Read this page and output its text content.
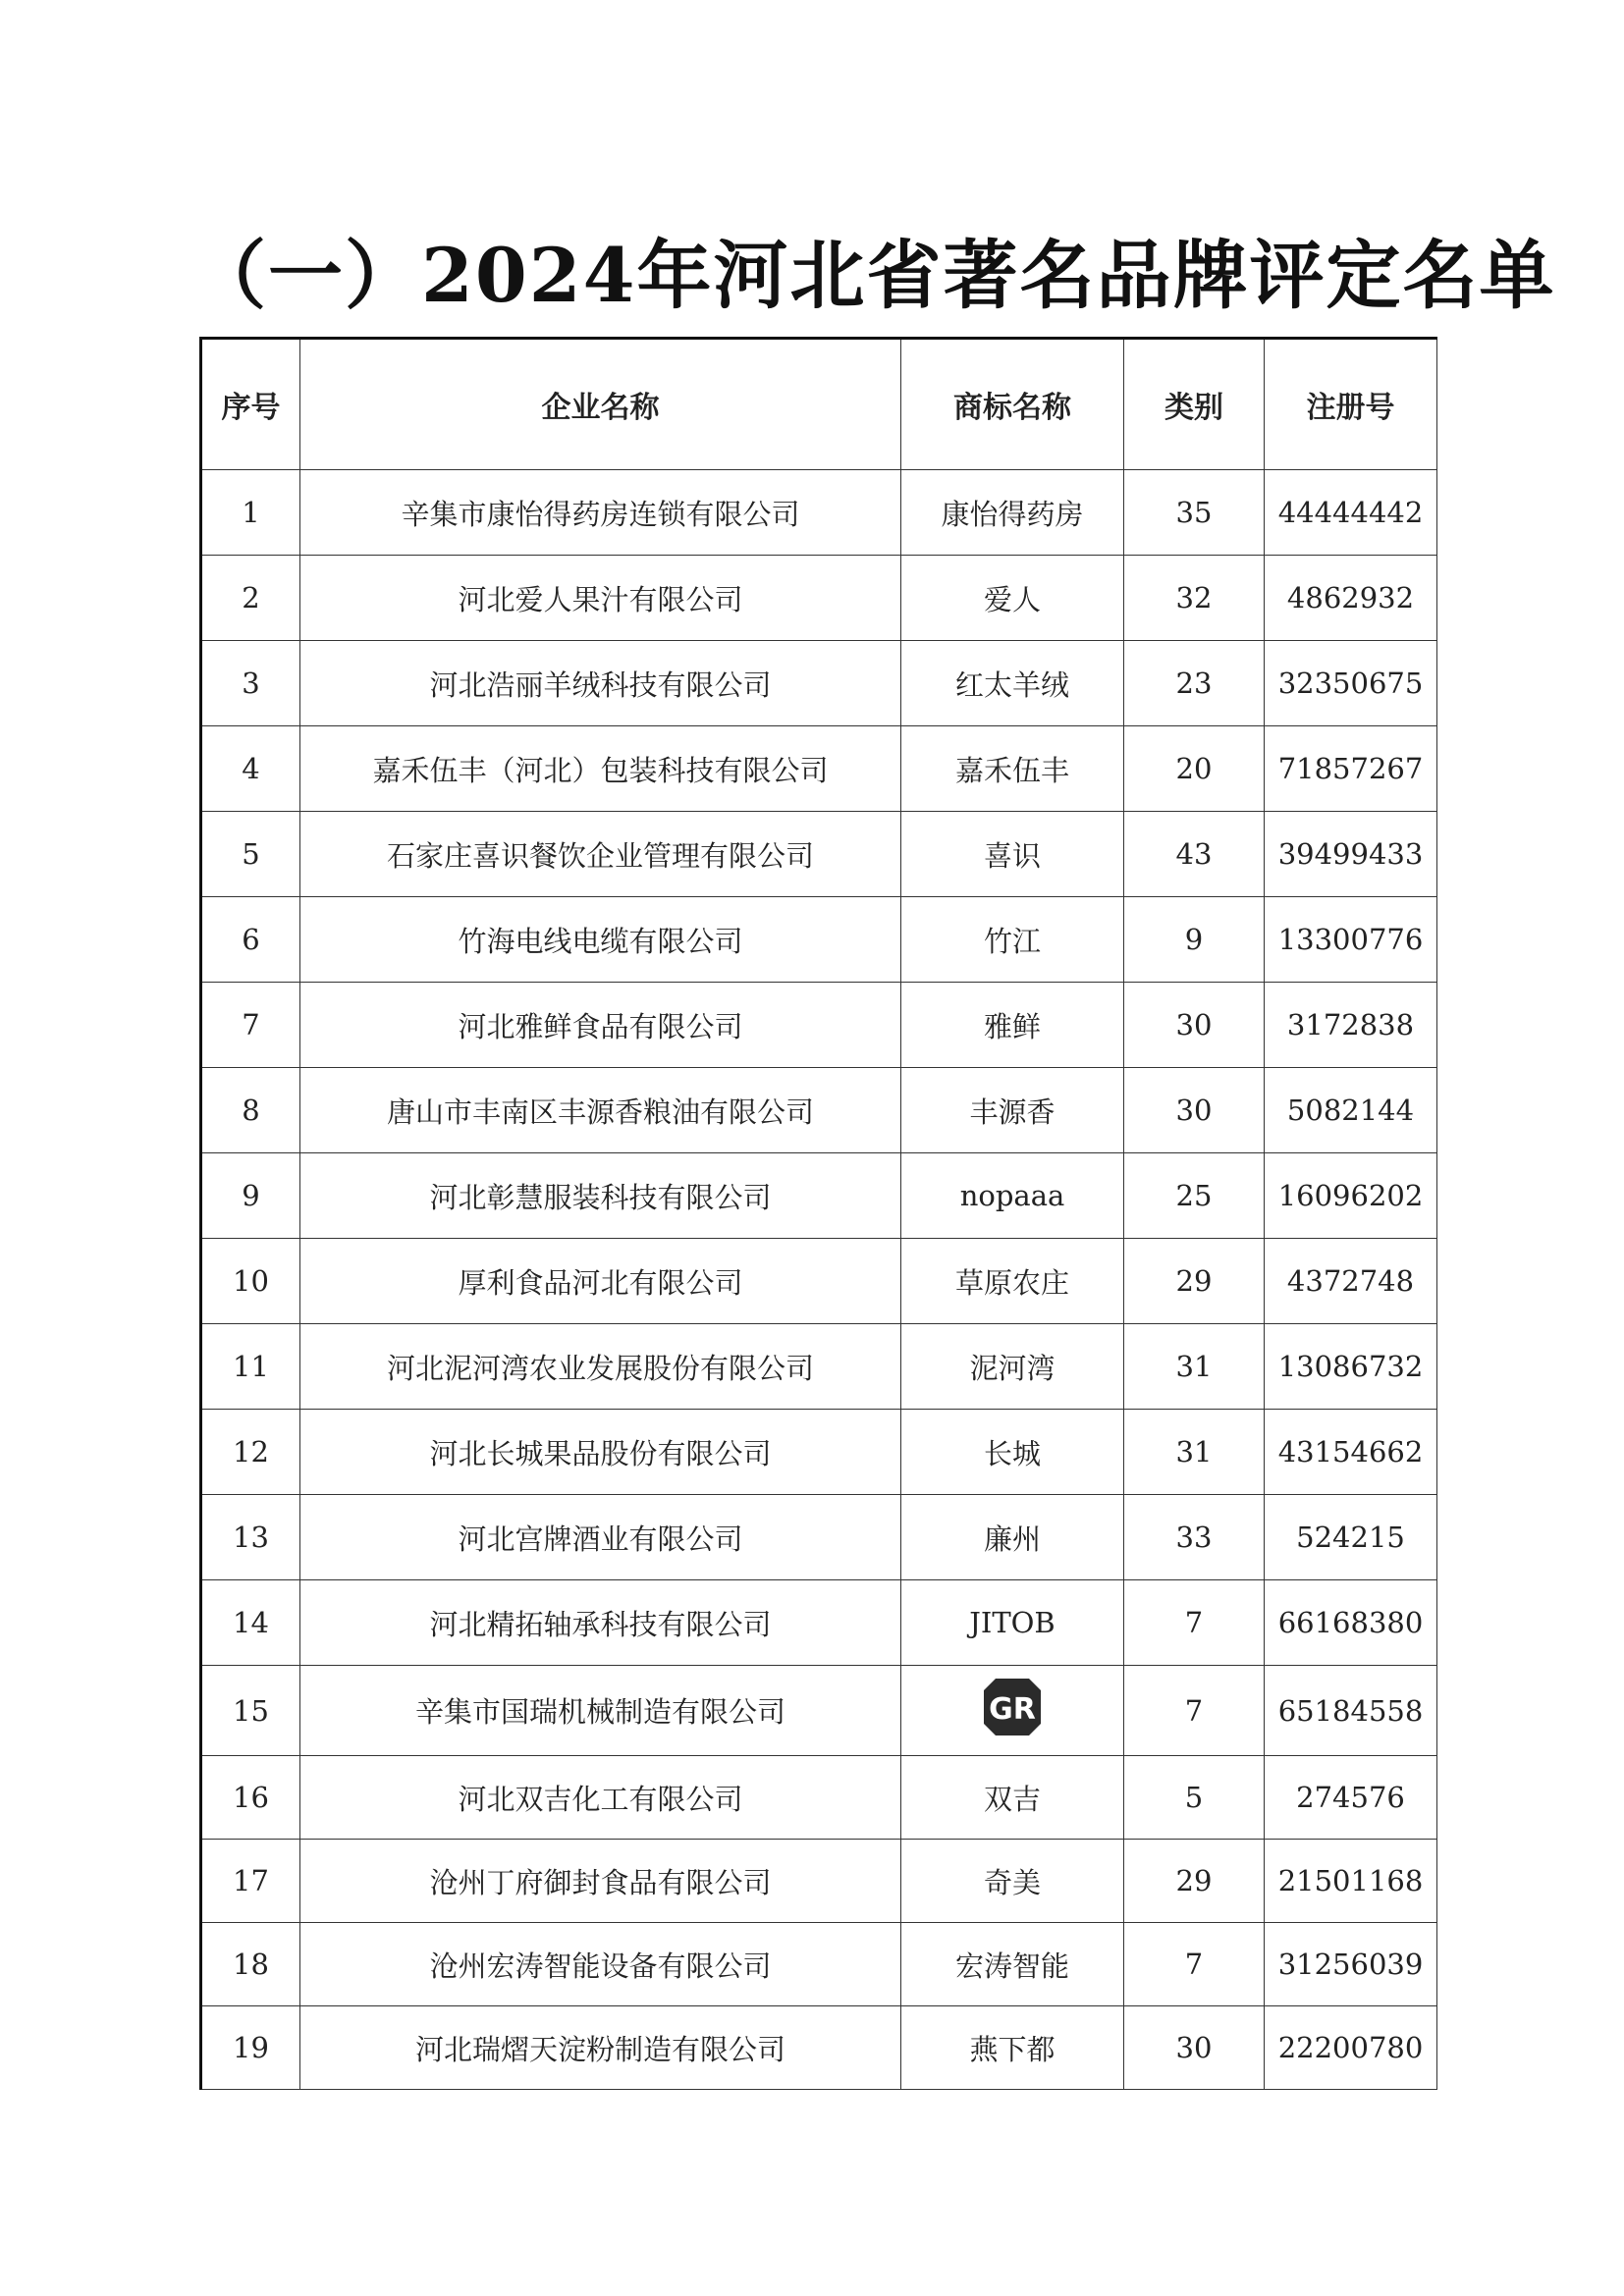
（一）2024年河北省著名品牌评定名单
序号	企业名称	商标名称	类别	注册号
1	辛集市康怡得药房连锁有限公司	康怡得药房	35	44444442
2	河北爱人果汁有限公司	爱人	32	4862932
3	河北浩丽羊绒科技有限公司	红太羊绒	23	32350675
4	嘉禾伍丰（河北）包装科技有限公司	嘉禾伍丰	20	71857267
5	石家庄喜识餐饮企业管理有限公司	喜识	43	39499433
6	竹海电线电缆有限公司	竹江	9	13300776
7	河北雅鲜食品有限公司	雅鲜	30	3172838
8	唐山市丰南区丰源香粮油有限公司	丰源香	30	5082144
9	河北彰慧服装科技有限公司	nopaaa	25	16096202
10	厚利食品河北有限公司	草原农庄	29	4372748
11	河北泥河湾农业发展股份有限公司	泥河湾	31	13086732
12	河北长城果品股份有限公司	长城	31	43154662
13	河北宫牌酒业有限公司	廉州	33	524215
14	河北精拓轴承科技有限公司	JITOB	7	66168380
15	辛集市国瑞机械制造有限公司	GR	7	65184558
16	河北双吉化工有限公司	双吉	5	274576
17	沧州丁府御封食品有限公司	奇美	29	21501168
18	沧州宏涛智能设备有限公司	宏涛智能	7	31256039
19	河北瑞熠天淀粉制造有限公司	燕下都	30	22200780
